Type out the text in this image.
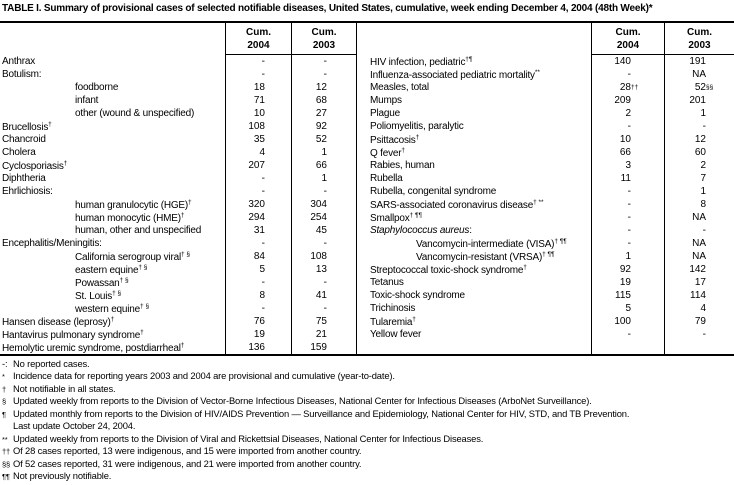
TABLE I. Summary of provisional cases of selected notifiable diseases, United States, cumulative, week ending December 4, 2004 (48th Week)*
Cum.
2004
Cum.
2003
Anthrax	-	-
Botulism:	-	-
foodborne	18	12
infant	71	68
other (wound & unspecified)	10	27
Brucellosis†	108	92
Chancroid	35	52
Cholera	4	1
Cyclosporiasis†	207	66
Diphtheria	-	1
Ehrlichiosis:	-	-
human granulocytic (HGE)†	320	304
human monocytic (HME)†	294	254
human, other and unspecified	31	45
Encephalitis/Meningitis:	-	-
California serogroup viral† §	84	108
eastern equine† §	5	13
Powassan† §	-	-
St. Louis† §	8	41
western equine† §	-	-
Hansen disease (leprosy)†	76	75
Hantavirus pulmonary syndrome†	19	21
Hemolytic uremic syndrome, postdiarrheal†	136	159
Cum.
2004
Cum.
2003
HIV infection, pediatric†¶	140	191
Influenza-associated pediatric mortality**	-	NA
Measles, total	28 ††	52 §§
Mumps	209	201
Plague	2	1
Poliomyelitis, paralytic	-	-
Psittacosis†	10	12
Q fever†	66	60
Rabies, human	3	2
Rubella	11	7
Rubella, congenital syndrome	-	1
SARS-associated coronavirus disease† **	-	8
Smallpox† ¶¶	-	NA
Staphylococcus aureus:	-	-
Vancomycin-intermediate (VISA)† ¶¶	-	NA
Vancomycin-resistant (VRSA)† ¶¶	1	NA
Streptococcal toxic-shock syndrome†	92	142
Tetanus	19	17
Toxic-shock syndrome	115	114
Trichinosis	5	4
Tularemia†	100	79
Yellow fever	-	-
-: No reported cases.
* Incidence data for reporting years 2003 and 2004 are provisional and cumulative (year-to-date).
† Not notifiable in all states.
§ Updated weekly from reports to the Division of Vector-Borne Infectious Diseases, National Center for Infectious Diseases (ArboNet Surveillance).
¶ Updated monthly from reports to the Division of HIV/AIDS Prevention — Surveillance and Epidemiology, National Center for HIV, STD, and TB Prevention.
Last update October 24, 2004.
** Updated weekly from reports to the Division of Viral and Rickettsial Diseases, National Center for Infectious Diseases.
†† Of 28 cases reported, 13 were indigenous, and 15 were imported from another country.
§§ Of 52 cases reported, 31 were indigenous, and 21 were imported from another country.
¶¶ Not previously notifiable.
